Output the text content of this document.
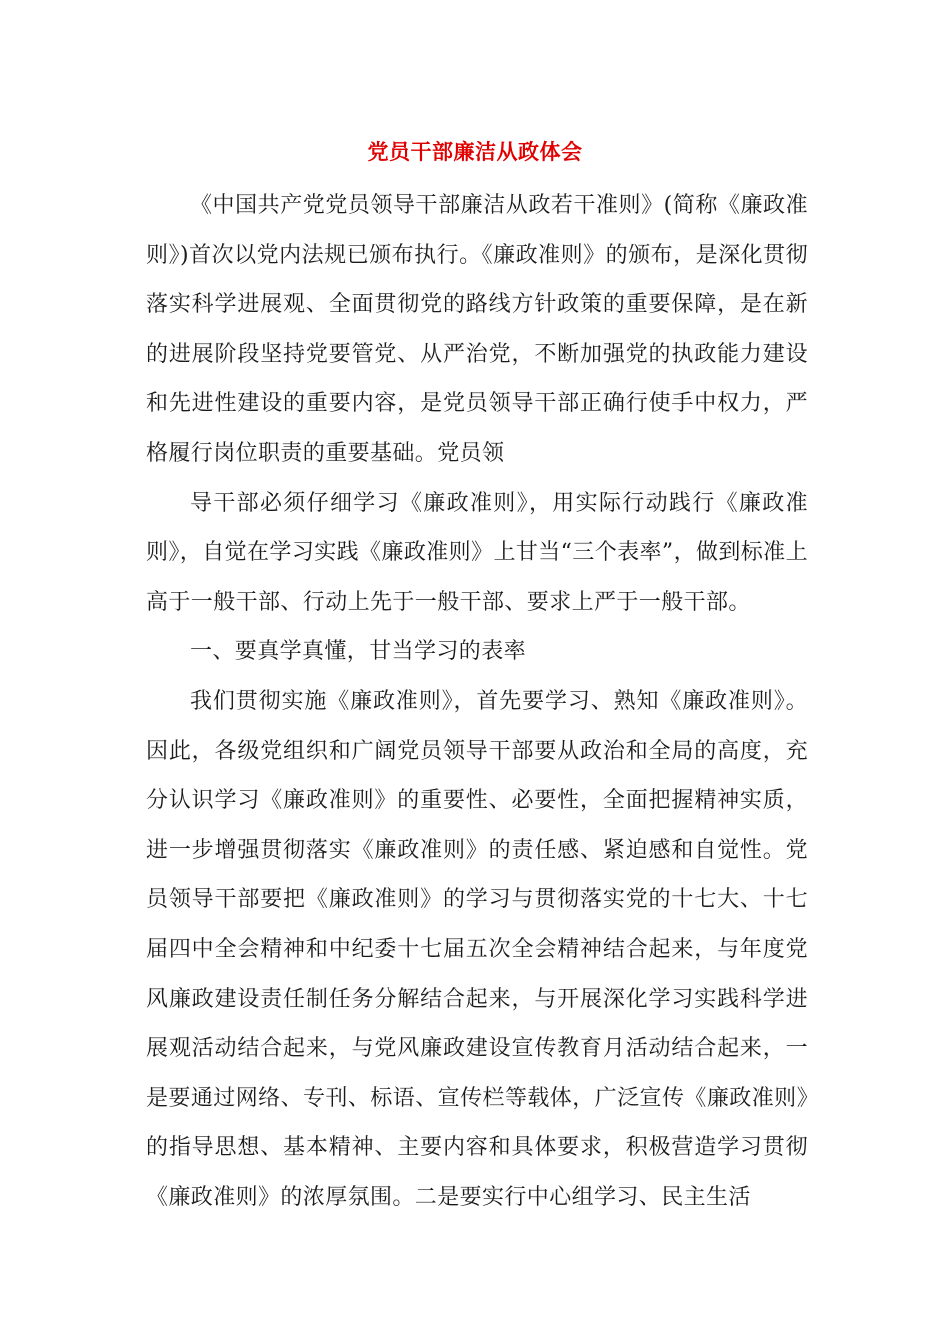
党员干部廉洁从政体会

《中国共产党党员领导干部廉洁从政若干准则》(简称《廉政准则》)首次以党内法规已颁布执行。《廉政准则》的颁布，是深化贯彻落实科学进展观、全面贯彻党的路线方针政策的重要保障，是在新的进展阶段坚持党要管党、从严治党，不断加强党的执政能力建设和先进性建设的重要内容，是党员领导干部正确行使手中权力，严格履行岗位职责的重要基础。党员领

导干部必须仔细学习《廉政准则》，用实际行动践行《廉政准则》，自觉在学习实践《廉政准则》上甘当“三个表率”，做到标准上高于一般干部、行动上先于一般干部、要求上严于一般干部。

一、要真学真懂，甘当学习的表率

我们贯彻实施《廉政准则》，首先要学习、熟知《廉政准则》。因此，各级党组织和广阔党员领导干部要从政治和全局的高度，充分认识学习《廉政准则》的重要性、必要性，全面把握精神实质，进一步增强贯彻落实《廉政准则》的责任感、紧迫感和自觉性。党员领导干部要把《廉政准则》的学习与贯彻落实党的十七大、十七届四中全会精神和中纪委十七届五次全会精神结合起来，与年度党风廉政建设责任制任务分解结合起来，与开展深化学习实践科学进展观活动结合起来，与党风廉政建设宣传教育月活动结合起来，一是要通过网络、专刊、标语、宣传栏等载体，广泛宣传《廉政准则》的指导思想、基本精神、主要内容和具体要求，积极营造学习贯彻《廉政准则》的浓厚氛围。二是要实行中心组学习、民主生活
